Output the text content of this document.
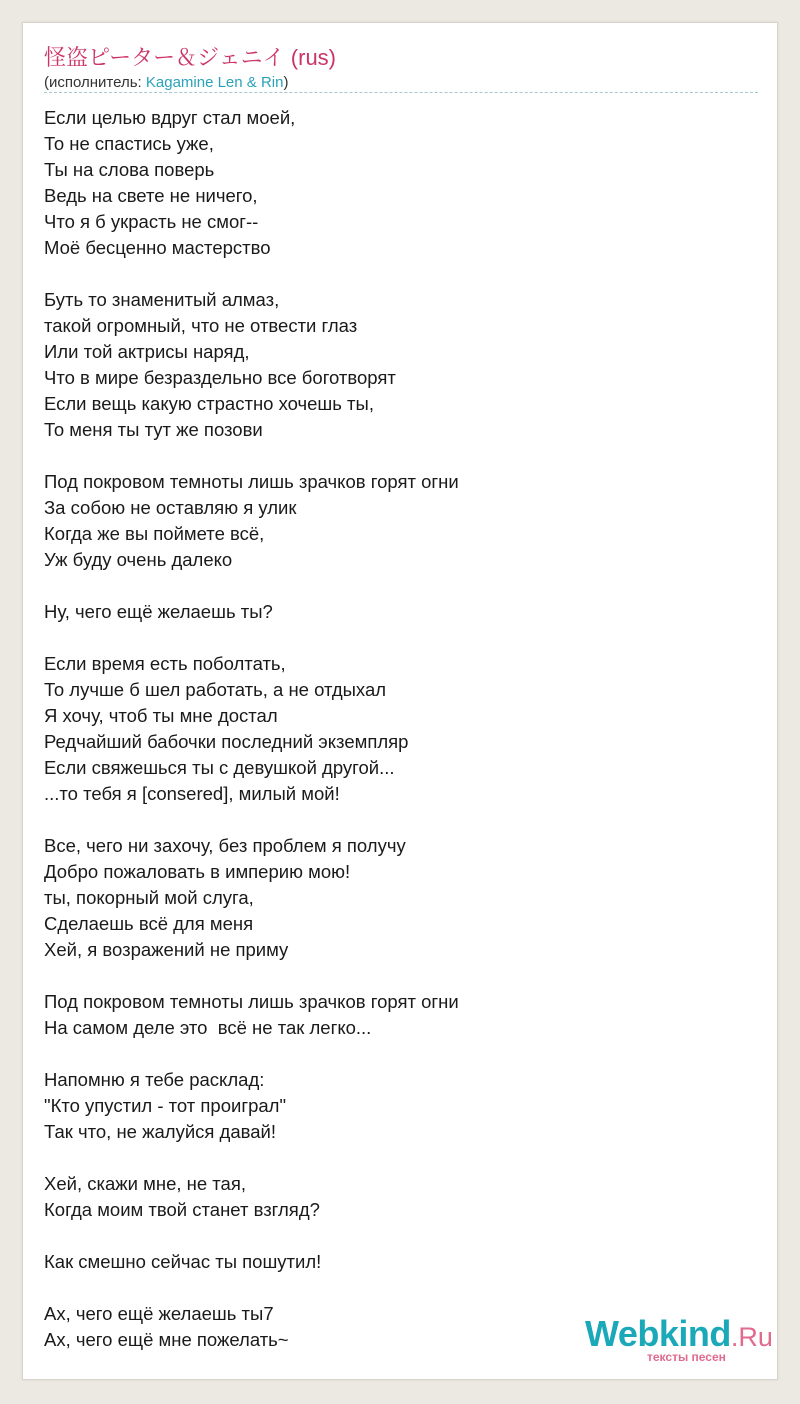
怪盗ピーター＆ジェニイ (rus)
(исполнитель: Kagamine Len & Rin)
Если целью вдруг стал моей,
То не спастись уже,
Ты на слова поверь
Ведь на свете не ничего,
Что я б украсть не смог--
Моё бесценно мастерство
Буть то знаменитый алмаз,
такой огромный, что не отвести глаз
Или той актрисы наряд,
Что в мире безраздельно все боготворят
Если вещь какую страстно хочешь ты,
То меня ты тут же позови
Под покровом темноты лишь зрачков горят огни
За собою не оставляю я улик
Когда же вы поймете всё,
Уж буду очень далеко
Ну, чего ещё желаешь ты?
Если время есть поболтать,
То лучше б шел работать, а не отдыхал
Я хочу, чтоб ты мне достал
Редчайший бабочки последний экземпляр
Если свяжешься ты с девушкой другой...
...то тебя я [consered], милый мой!
Все, чего ни захочу, без проблем я получу
Добро пожаловать в империю мою!
ты, покорный мой слуга,
Сделаешь всё для меня
Хей, я возражений не приму
Под покровом темноты лишь зрачков горят огни
На самом деле это  всё не так легко...
Напомню я тебе расклад:
"Кто упустил - тот проиграл"
Так что, не жалуйся давай!
Хей, скажи мне, не тая,
Когда моим твой станет взгляд?
Как смешно сейчас ты пошутил!
Ах, чего ещё желаешь ты7
Ах, чего ещё мне пожелать~	Webkind.Ru
тексты песен
